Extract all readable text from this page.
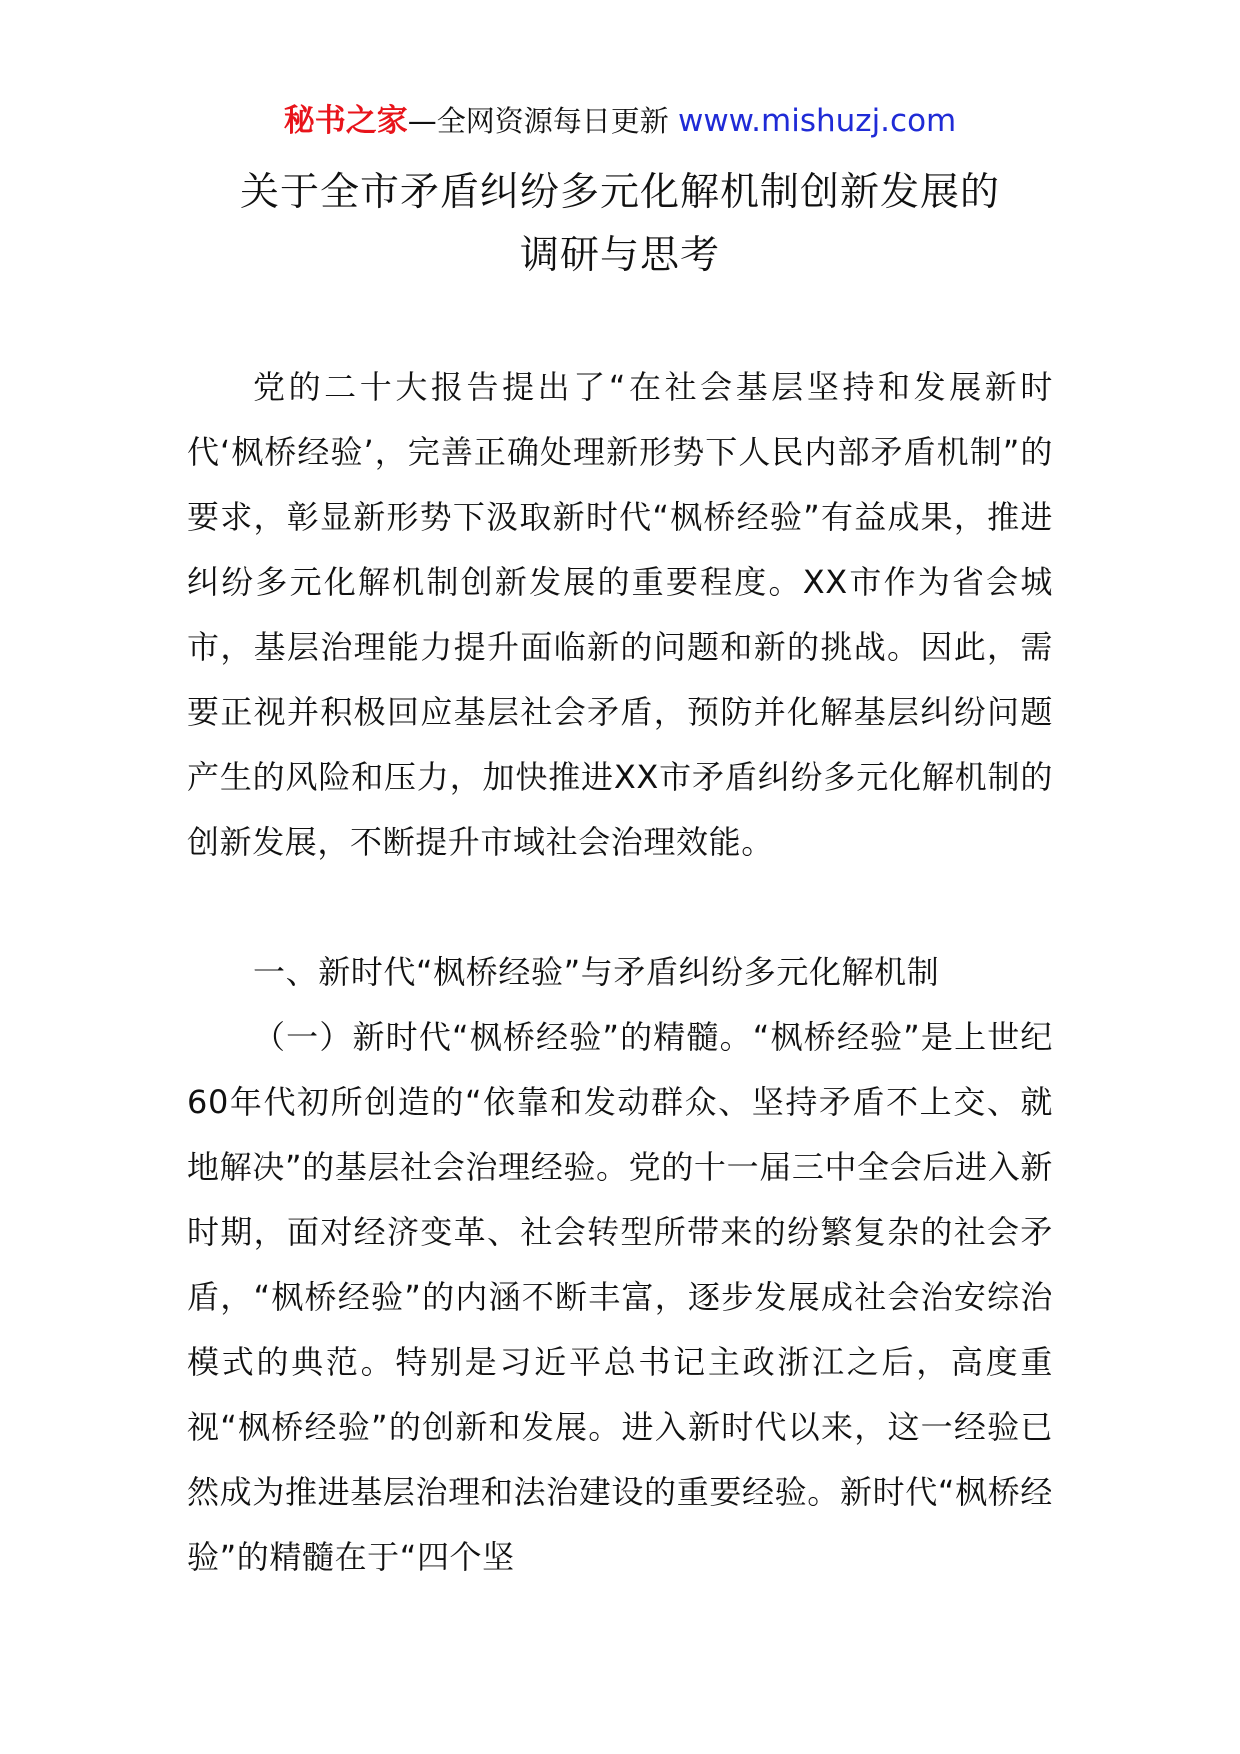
秘书之家—全网资源每日更新 www.mishuzj.com
关于全市矛盾纠纷多元化解机制创新发展的
调研与思考

党的二十大报告提出了“在社会基层坚持和发展新时代‘枫桥经验’，完善正确处理新形势下人民内部矛盾机制”的要求，彰显新形势下汲取新时代“枫桥经验”有益成果，推进纠纷多元化解机制创新发展的重要程度。XX市作为省会城市，基层治理能力提升面临新的问题和新的挑战。因此，需要正视并积极回应基层社会矛盾，预防并化解基层纠纷问题产生的风险和压力，加快推进XX市矛盾纠纷多元化解机制的创新发展，不断提升市域社会治理效能。

一、新时代“枫桥经验”与矛盾纠纷多元化解机制

（一）新时代“枫桥经验”的精髓。“枫桥经验”是上世纪60年代初所创造的“依靠和发动群众、坚持矛盾不上交、就地解决”的基层社会治理经验。党的十一届三中全会后进入新时期，面对经济变革、社会转型所带来的纷繁复杂的社会矛盾，“枫桥经验”的内涵不断丰富，逐步发展成社会治安综治模式的典范。特别是习近平总书记主政浙江之后，高度重视“枫桥经验”的创新和发展。进入新时代以来，这一经验已然成为推进基层治理和法治建设的重要经验。新时代“枫桥经验”的精髓在于“四个坚
